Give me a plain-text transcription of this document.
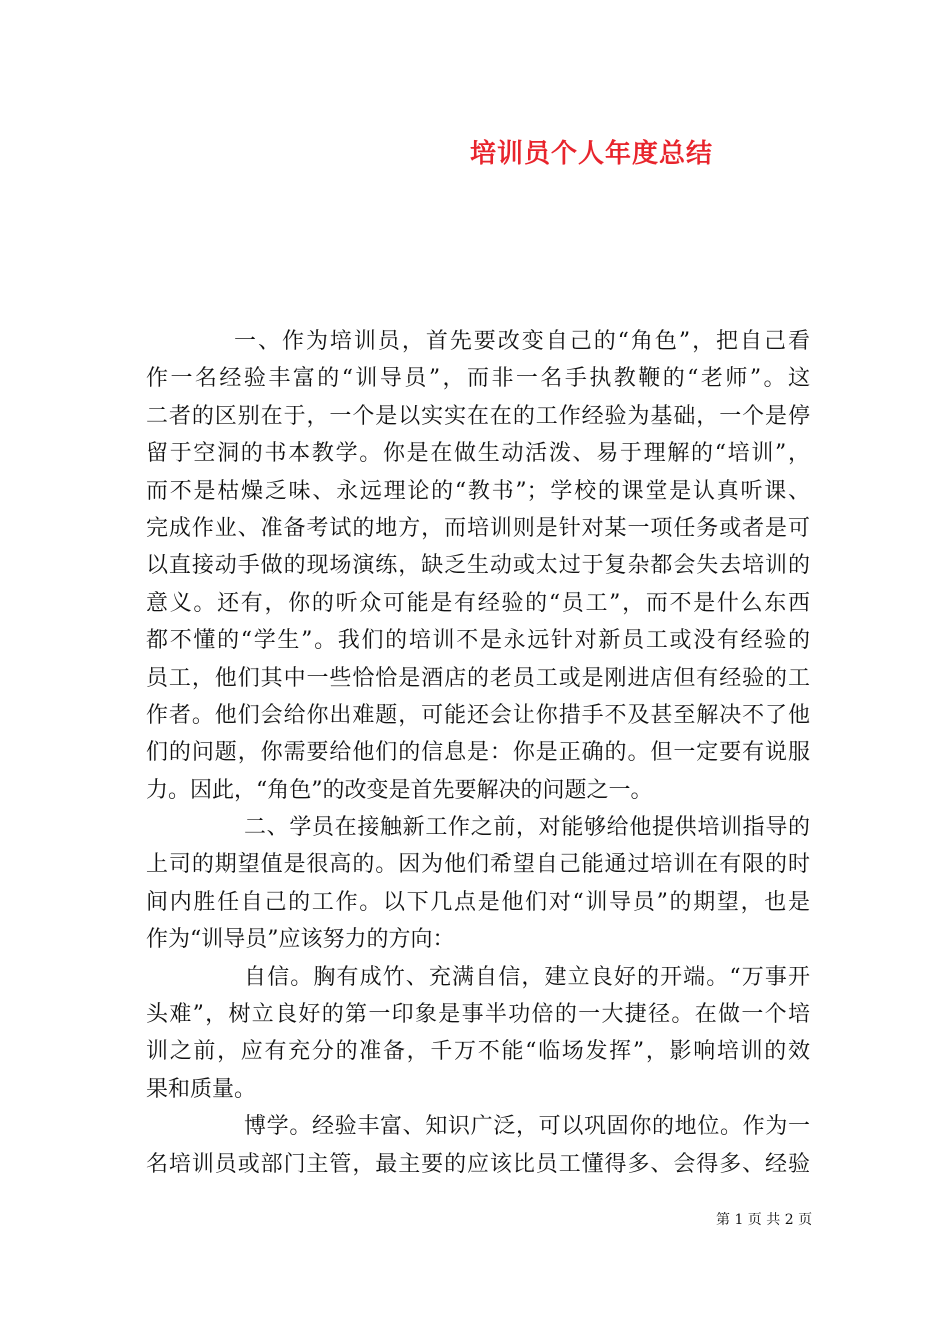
培训员个人年度总结
一、作为培训员，首先要改变自己的“角色”，把自己看
作一名经验丰富的“训导员”，而非一名手执教鞭的“老师”。这
二者的区别在于，一个是以实实在在的工作经验为基础，一个是停
留于空洞的书本教学。你是在做生动活泼、易于理解的“培训”，
而不是枯燥乏味、永远理论的“教书”；学校的课堂是认真听课、
完成作业、准备考试的地方，而培训则是针对某一项任务或者是可
以直接动手做的现场演练，缺乏生动或太过于复杂都会失去培训的
意义。还有，你的听众可能是有经验的“员工”，而不是什么东西
都不懂的“学生”。我们的培训不是永远针对新员工或没有经验的
员工，他们其中一些恰恰是酒店的老员工或是刚进店但有经验的工
作者。他们会给你出难题，可能还会让你措手不及甚至解决不了他
们的问题，你需要给他们的信息是：你是正确的。但一定要有说服
力。因此，“角色”的改变是首先要解决的问题之一。
二、学员在接触新工作之前，对能够给他提供培训指导的
上司的期望值是很高的。因为他们希望自己能通过培训在有限的时
间内胜任自己的工作。以下几点是他们对“训导员”的期望，也是
作为“训导员”应该努力的方向：
自信。胸有成竹、充满自信，建立良好的开端。“万事开
头难”，树立良好的第一印象是事半功倍的一大捷径。在做一个培
训之前，应有充分的准备，千万不能“临场发挥”，影响培训的效
果和质量。
博学。经验丰富、知识广泛，可以巩固你的地位。作为一
名培训员或部门主管，最主要的应该比员工懂得多、会得多、经验
第 1 页 共 2 页
